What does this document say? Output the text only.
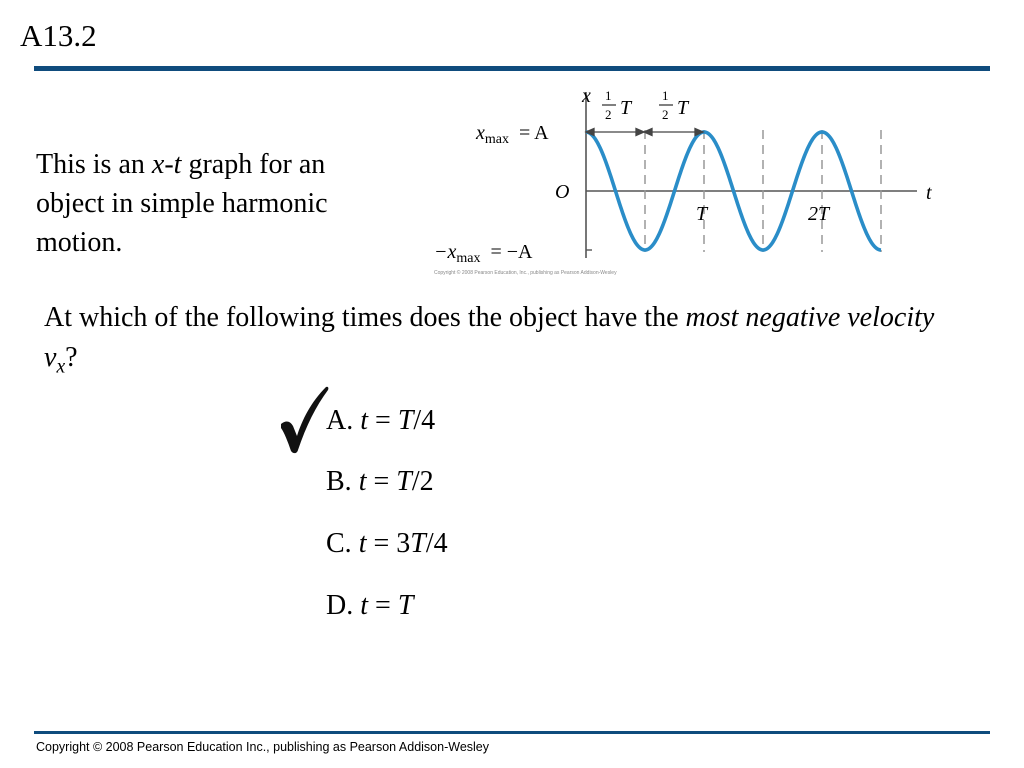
A13.2
This is an x-t graph for an object in simple harmonic motion.
x
t
O
1
2 T
1
2 T
$x_{max} = A$
$-x_{max} = -A$
T	2T
Copyright © 2008 Pearson Education, Inc., publishing as Pearson Addison-Wesley
At which of the following times does the object have the most negative velocity $v_x$?
A. t = T/4
B. t = T/2
C. t = 3T/4
D. t = T
Copyright © 2008 Pearson Education Inc., publishing as Pearson Addison-Wesley
